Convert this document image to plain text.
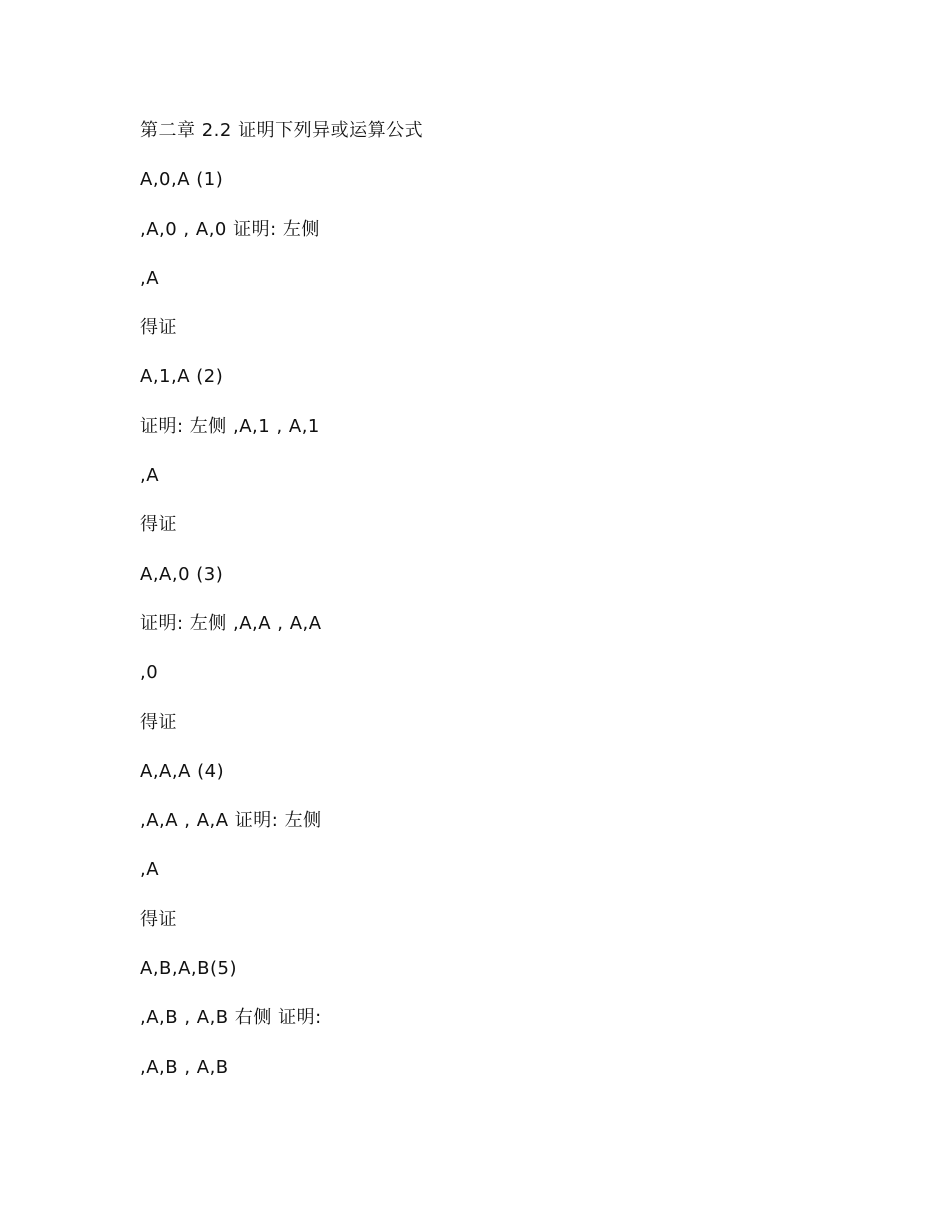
第二章 2.2 证明下列异或运算公式
A,0,A (1)
,A,0 , A,0 证明: 左侧
,A
得证
A,1,A (2)
证明: 左侧 ,A,1 , A,1
,A
得证
A,A,0 (3)
证明: 左侧 ,A,A , A,A
,0
得证
A,A,A (4)
,A,A , A,A 证明: 左侧
,A
得证
A,B,A,B(5)
,A,B , A,B 右侧 证明:
,A,B , A,B
